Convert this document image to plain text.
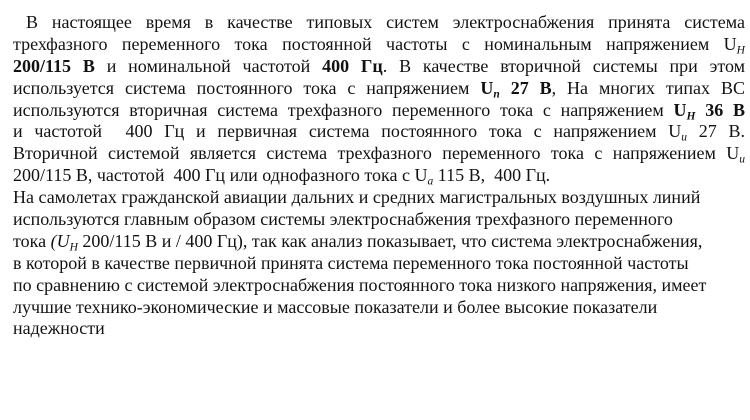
В настоящее время в качестве типовых систем электроснабжения принята система
трехфазного переменного тока постоянной частоты с номинальным напряжением $U_Н$
200/115 В и номинальной частотой 400 Гц. В качестве вторичной системы при этом
используется система постоянного тока с напряжением $U_п$ 27 В, На многих типах ВС
используются вторичная система трехфазного переменного тока с напряжением $U_Н$ 36 В
и частотой  400 Гц и первичная система постоянного тока с напряжением $U_и$ 27 В.
Вторичной системой является система трехфазного переменного тока с напряжением $U_и$
200/115 В, частотой  400 Гц или однофазного тока с $U_а$ 115 В,  400 Гц.
На самолетах гражданской авиации дальних и средних магистральных воздушных линий
используются главным образом системы электроснабжения трехфазного переменного
тока ($U_Н$ 200/115 В и / 400 Гц), так как анализ показывает, что система электроснабжения,
в которой в качестве первичной принята система переменного тока постоянной частоты
по сравнению с системой электроснабжения постоянного тока низкого напряжения, имеет
лучшие технико-экономические и массовые показатели и более высокие показатели
надежности
